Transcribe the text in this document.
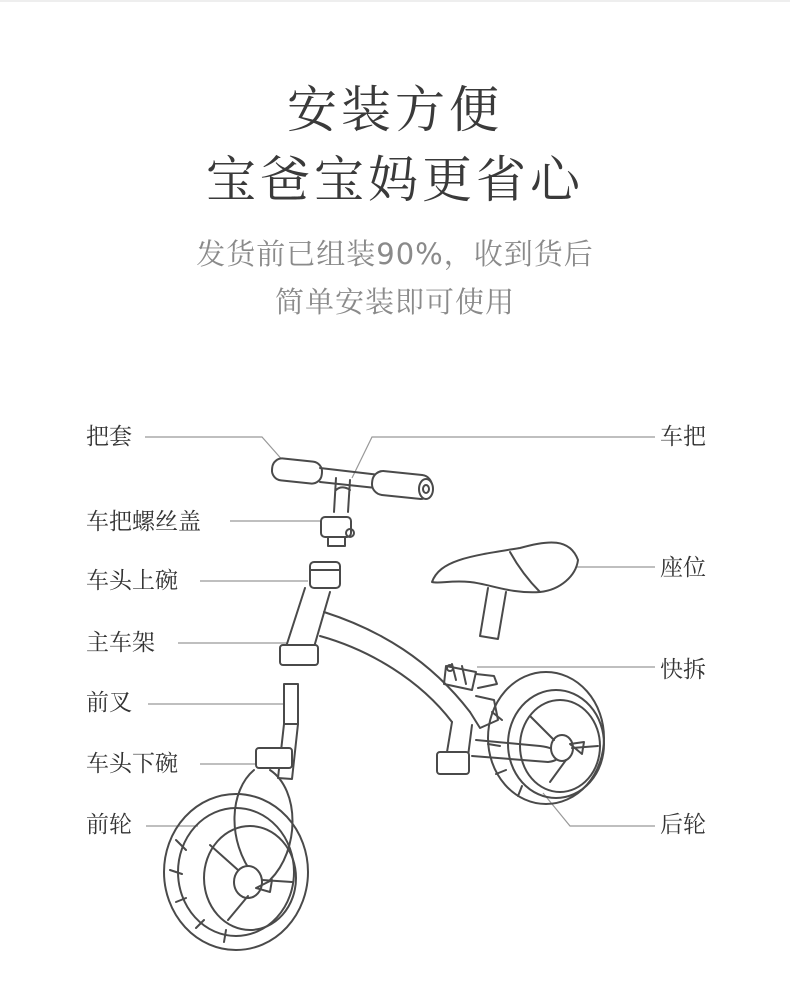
安装方便
宝爸宝妈更省心
发货前已组装90%，收到货后
简单安装即可使用
把套
车把螺丝盖
车头上碗
主车架
前叉
车头下碗
前轮
车把
座位
快拆
后轮
